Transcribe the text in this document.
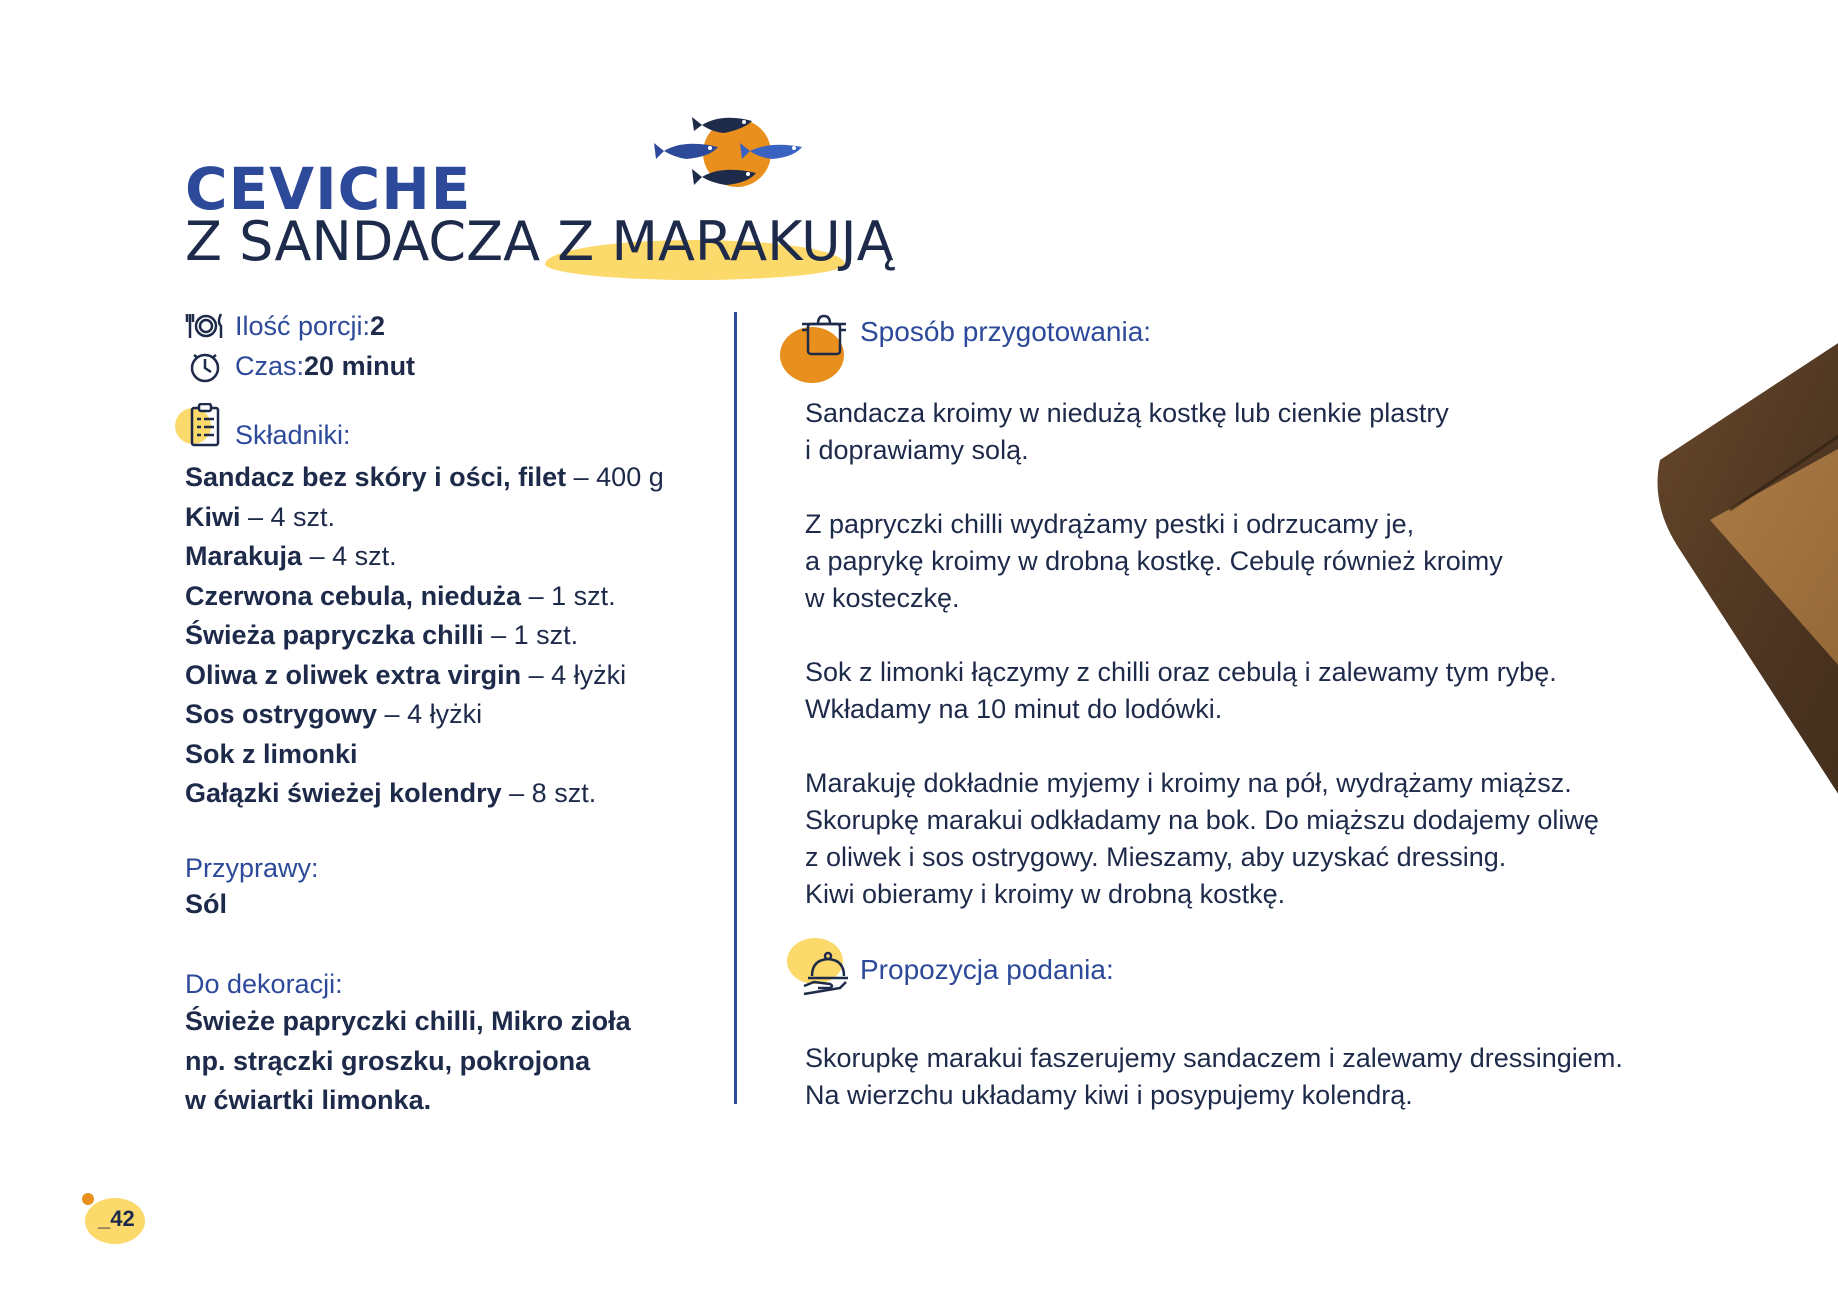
CEVICHE
Z SANDACZA Z MARAKUJĄ
Ilość porcji: 2
Czas: 20 minut
Składniki:
Sandacz bez skóry i ości, filet – 400 g
Kiwi – 4 szt.
Marakuja – 4 szt.
Czerwona cebula, nieduża – 1 szt.
Świeża papryczka chilli – 1 szt.
Oliwa z oliwek extra virgin – 4 łyżki
Sos ostrygowy – 4 łyżki
Sok z limonki
Gałązki świeżej kolendry – 8 szt.
Przyprawy:
Sól
Do dekoracji:
Świeże papryczki chilli, Mikro zioła
np. strączki groszku, pokrojona
w ćwiartki limonka.
Sposób przygotowania:

Sandacza kroimy w niedużą kostkę lub cienkie plastry
i doprawiamy solą.

Z papryczki chilli wydrążamy pestki i odrzucamy je,
a paprykę kroimy w drobną kostkę. Cebulę również kroimy
w kosteczkę.

Sok z limonki łączymy z chilli oraz cebulą i zalewamy tym rybę.
Wkładamy na 10 minut do lodówki.

Marakuję dokładnie myjemy i kroimy na pół, wydrążamy miąższ.
Skorupkę marakui odkładamy na bok. Do miąższu dodajemy oliwę
z oliwek i sos ostrygowy. Mieszamy, aby uzyskać dressing.
Kiwi obieramy i kroimy w drobną kostkę.

Propozycja podania:
Skorupkę marakui faszerujemy sandaczem i zalewamy dressingiem.
Na wierzchu układamy kiwi i posypujemy kolendrą.
_42
